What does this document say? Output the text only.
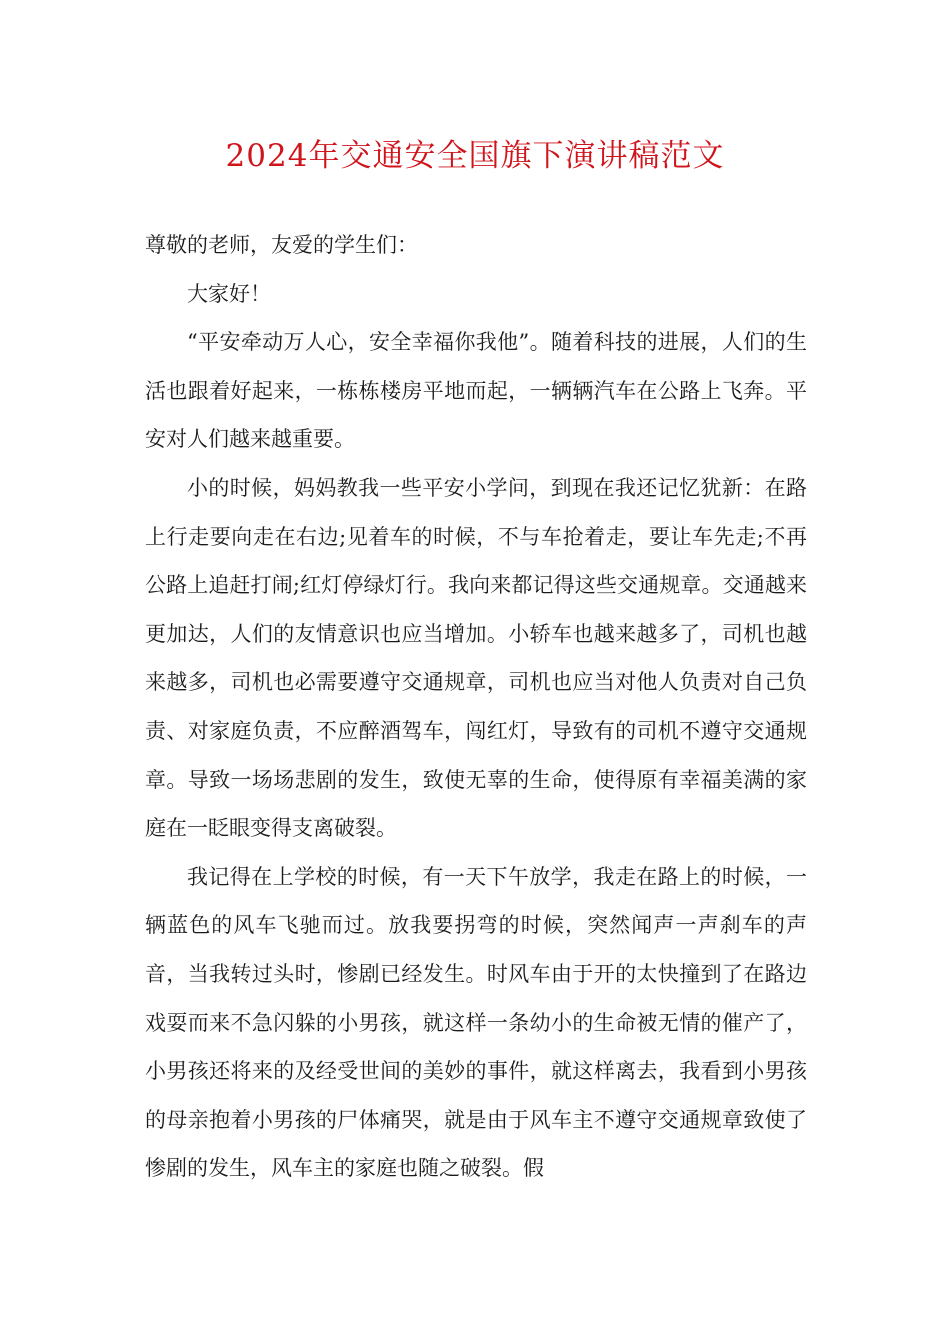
2024年交通安全国旗下演讲稿范文

尊敬的老师，友爱的学生们：

大家好！

“平安牵动万人心，安全幸福你我他”。随着科技的进展，人们的生活也跟着好起来，一栋栋楼房平地而起，一辆辆汽车在公路上飞奔。平安对人们越来越重要。

小的时候，妈妈教我一些平安小学问，到现在我还记忆犹新：在路上行走要向走在右边;见着车的时候，不与车抢着走，要让车先走;不再公路上追赶打闹;红灯停绿灯行。我向来都记得这些交通规章。交通越来更加达，人们的友情意识也应当增加。小轿车也越来越多了，司机也越来越多，司机也必需要遵守交通规章，司机也应当对他人负责对自己负责、对家庭负责，不应醉酒驾车，闯红灯，导致有的司机不遵守交通规章。导致一场场悲剧的发生，致使无辜的生命，使得原有幸福美满的家庭在一眨眼变得支离破裂。

我记得在上学校的时候，有一天下午放学，我走在路上的时候，一辆蓝色的风车飞驰而过。放我要拐弯的时候，突然闻声一声刹车的声音，当我转过头时，惨剧已经发生。时风车由于开的太快撞到了在路边戏耍而来不急闪躲的小男孩，就这样一条幼小的生命被无情的催产了，小男孩还将来的及经受世间的美妙的事件，就这样离去，我看到小男孩的母亲抱着小男孩的尸体痛哭，就是由于风车主不遵守交通规章致使了惨剧的发生，风车主的家庭也随之破裂。假
